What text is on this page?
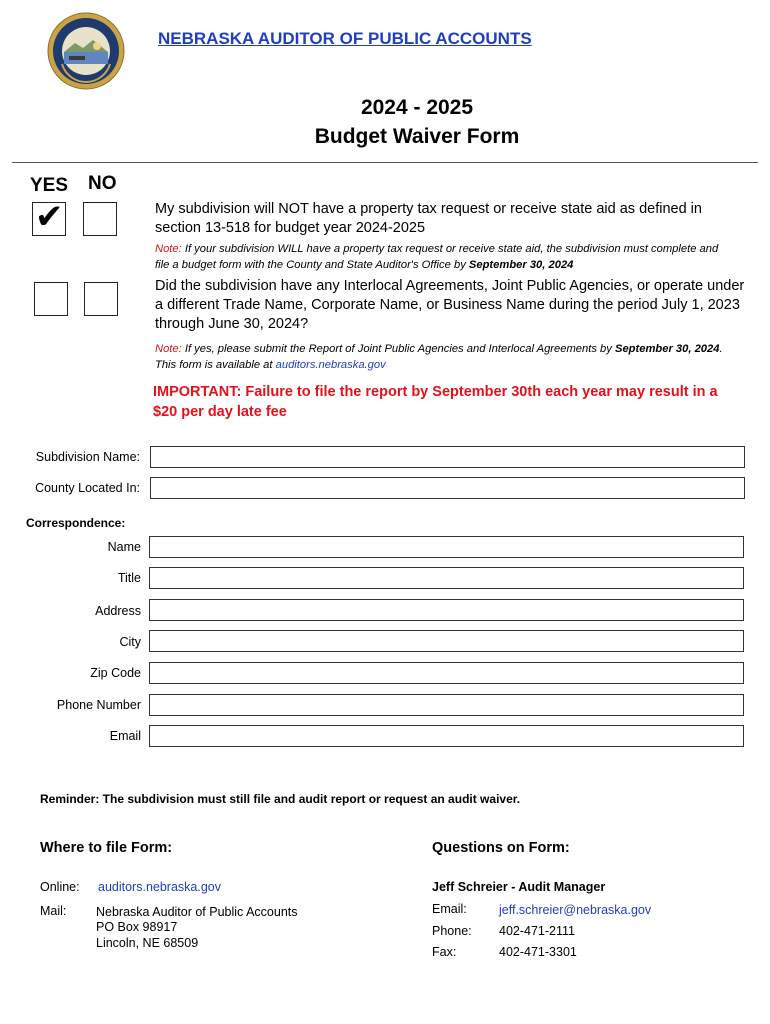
NEBRASKA AUDITOR OF PUBLIC ACCOUNTS
2024 - 2025
Budget Waiver Form
YES NO
✔	My subdivision will NOT have a property tax request or receive state aid as defined in section 13-518 for budget year 2024-2025
Note: If your subdivision WILL have a property tax request or receive state aid, the subdivision must complete and file a budget form with the County and State Auditor's Office by September 30, 2024
Did the subdivision have any Interlocal Agreements, Joint Public Agencies, or operate under a different Trade Name, Corporate Name, or Business Name during the period July 1, 2023 through June 30, 2024?
Note: If yes, please submit the Report of Joint Public Agencies and Interlocal Agreements by September 30, 2024. This form is available at auditors.nebraska.gov
IMPORTANT: Failure to file the report by September 30th each year may result in a $20 per day late fee
Subdivision Name:
County Located In:
Correspondence:
Name
Title
Address
City
Zip Code
Phone Number
Email
Reminder: The subdivision must still file and audit report or request an audit waiver.
Where to file Form:
Online: auditors.nebraska.gov
Mail: Nebraska Auditor of Public Accounts
PO Box 98917
Lincoln, NE 68509
Questions on Form:
Jeff Schreier - Audit Manager
Email:	jeff.schreier@nebraska.gov
Phone: 402-471-2111
Fax:	402-471-3301
